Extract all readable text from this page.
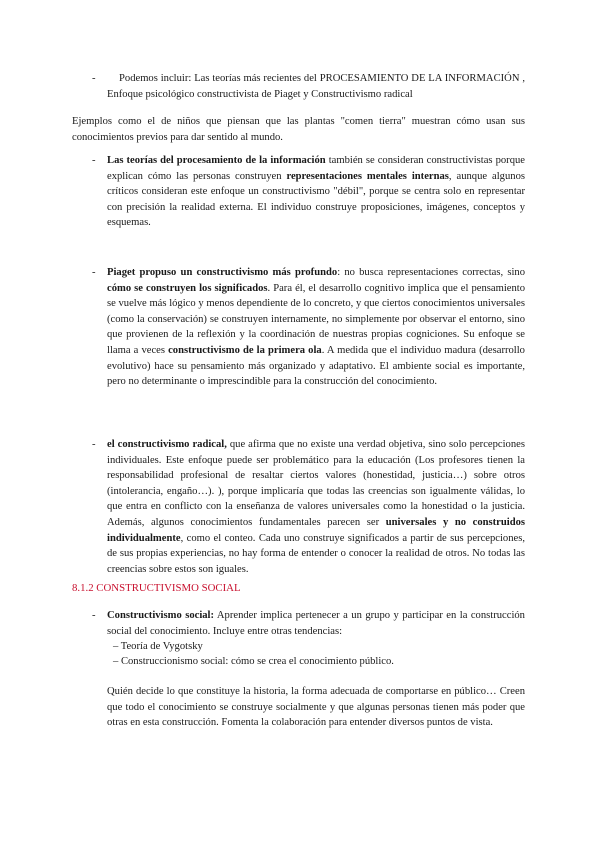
-	Podemos incluir: Las teorías más recientes del PROCESAMIENTO DE LA INFORMACIÓN , Enfoque psicológico constructivista de Piaget y Constructivismo radical
Ejemplos como el de niños que piensan que las plantas "comen tierra" muestran cómo usan sus conocimientos previos para dar sentido al mundo.
- Las teorías del procesamiento de la información también se consideran constructivistas porque explican cómo las personas construyen representaciones mentales internas, aunque algunos críticos consideran este enfoque un constructivismo "débil", porque se centra solo en representar con precisión la realidad externa. El individuo construye proposiciones, imágenes, conceptos y esquemas.
- Piaget propuso un constructivismo más profundo: no busca representaciones correctas, sino cómo se construyen los significados. Para él, el desarrollo cognitivo implica que el pensamiento se vuelve más lógico y menos dependiente de lo concreto, y que ciertos conocimientos universales (como la conservación) se construyen internamente, no simplemente por observar el entorno, sino que provienen de la reflexión y la coordinación de nuestras propias cogniciones. Su enfoque se llama a veces constructivismo de la primera ola. A medida que el individuo madura (desarrollo evolutivo) hace su pensamiento más organizado y adaptativo. El ambiente social es importante, pero no determinante o imprescindible para la construcción del conocimiento.
- el constructivismo radical, que afirma que no existe una verdad objetiva, sino solo percepciones individuales. Este enfoque puede ser problemático para la educación (Los profesores tienen la responsabilidad profesional de resaltar ciertos valores (honestidad, justicia…) sobre otros (intolerancia, engaño…). ), porque implicaría que todas las creencias son igualmente válidas, lo que entra en conflicto con la enseñanza de valores universales como la honestidad o la justicia. Además, algunos conocimientos fundamentales parecen ser universales y no construidos individualmente, como el conteo. Cada uno construye significados a partir de sus percepciones, de sus propias experiencias, no hay forma de entender o conocer la realidad de otros. No todas las creencias sobre estos son iguales.
8.1.2 CONSTRUCTIVISMO SOCIAL
- Constructivismo social: Aprender implica pertenecer a un grupo y participar en la construcción social del conocimiento. Incluye entre otras tendencias:
– Teoría de Vygotsky
– Construccionismo social: cómo se crea el conocimiento público.
Quién decide lo que constituye la historia, la forma adecuada de comportarse en público… Creen que todo el conocimiento se construye socialmente y que algunas personas tienen más poder que otras en esta construcción. Fomenta la colaboración para entender diversos puntos de vista.
